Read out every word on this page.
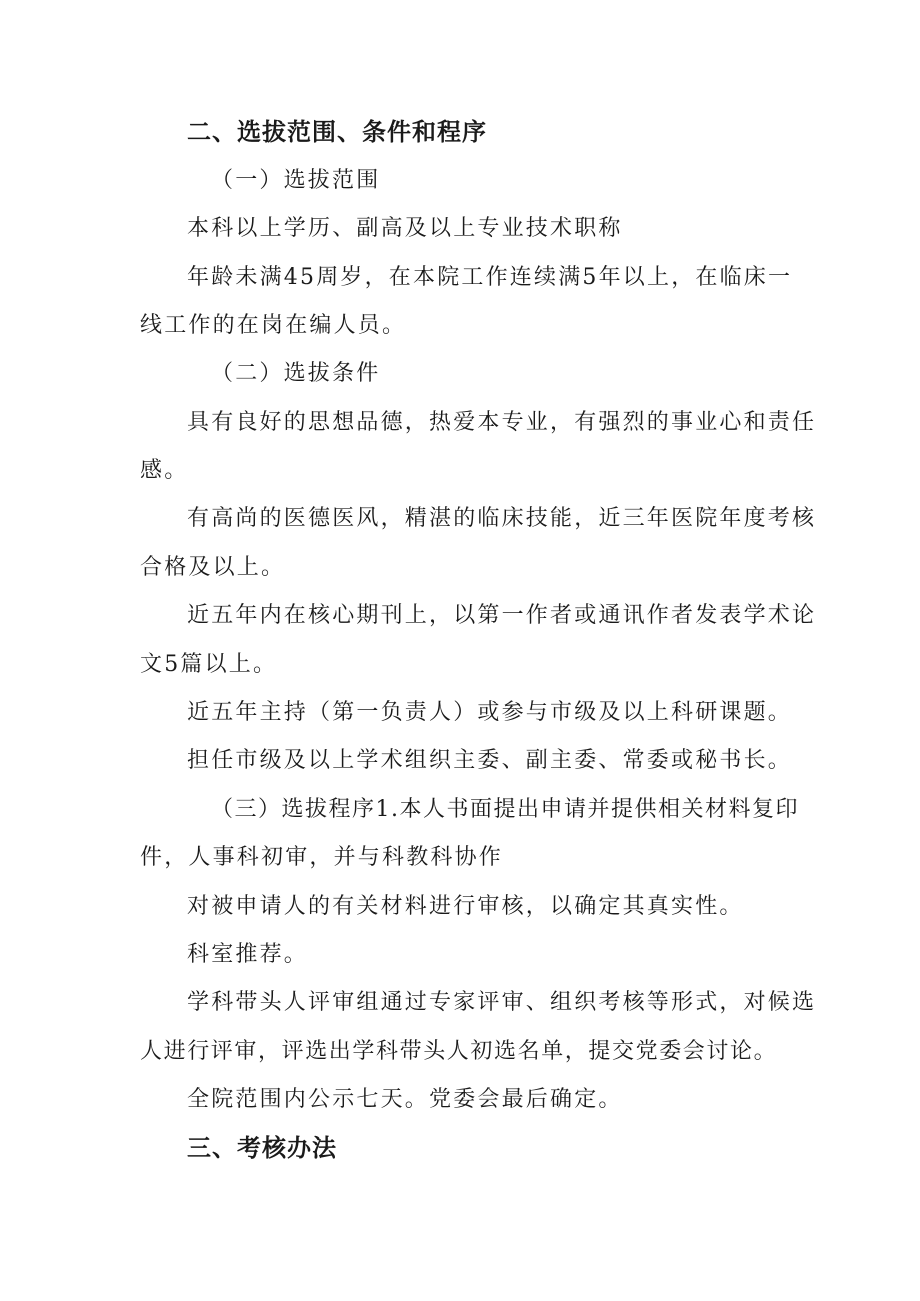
二、选拔范围、条件和程序
（一）选拔范围
本科以上学历、副高及以上专业技术职称
年龄未满45周岁，在本院工作连续满5年以上，在临床一
线工作的在岗在编人员。
（二）选拔条件
具有良好的思想品德，热爱本专业，有强烈的事业心和责任
感。
有高尚的医德医风，精湛的临床技能，近三年医院年度考核
合格及以上。
近五年内在核心期刊上，以第一作者或通讯作者发表学术论
文5篇以上。
近五年主持（第一负责人）或参与市级及以上科研课题。
担任市级及以上学术组织主委、副主委、常委或秘书长。
（三）选拔程序1.本人书面提出申请并提供相关材料复印
件，人事科初审，并与科教科协作
对被申请人的有关材料进行审核，以确定其真实性。
科室推荐。
学科带头人评审组通过专家评审、组织考核等形式，对候选
人进行评审，评选出学科带头人初选名单，提交党委会讨论。
全院范围内公示七天。党委会最后确定。
三、考核办法
